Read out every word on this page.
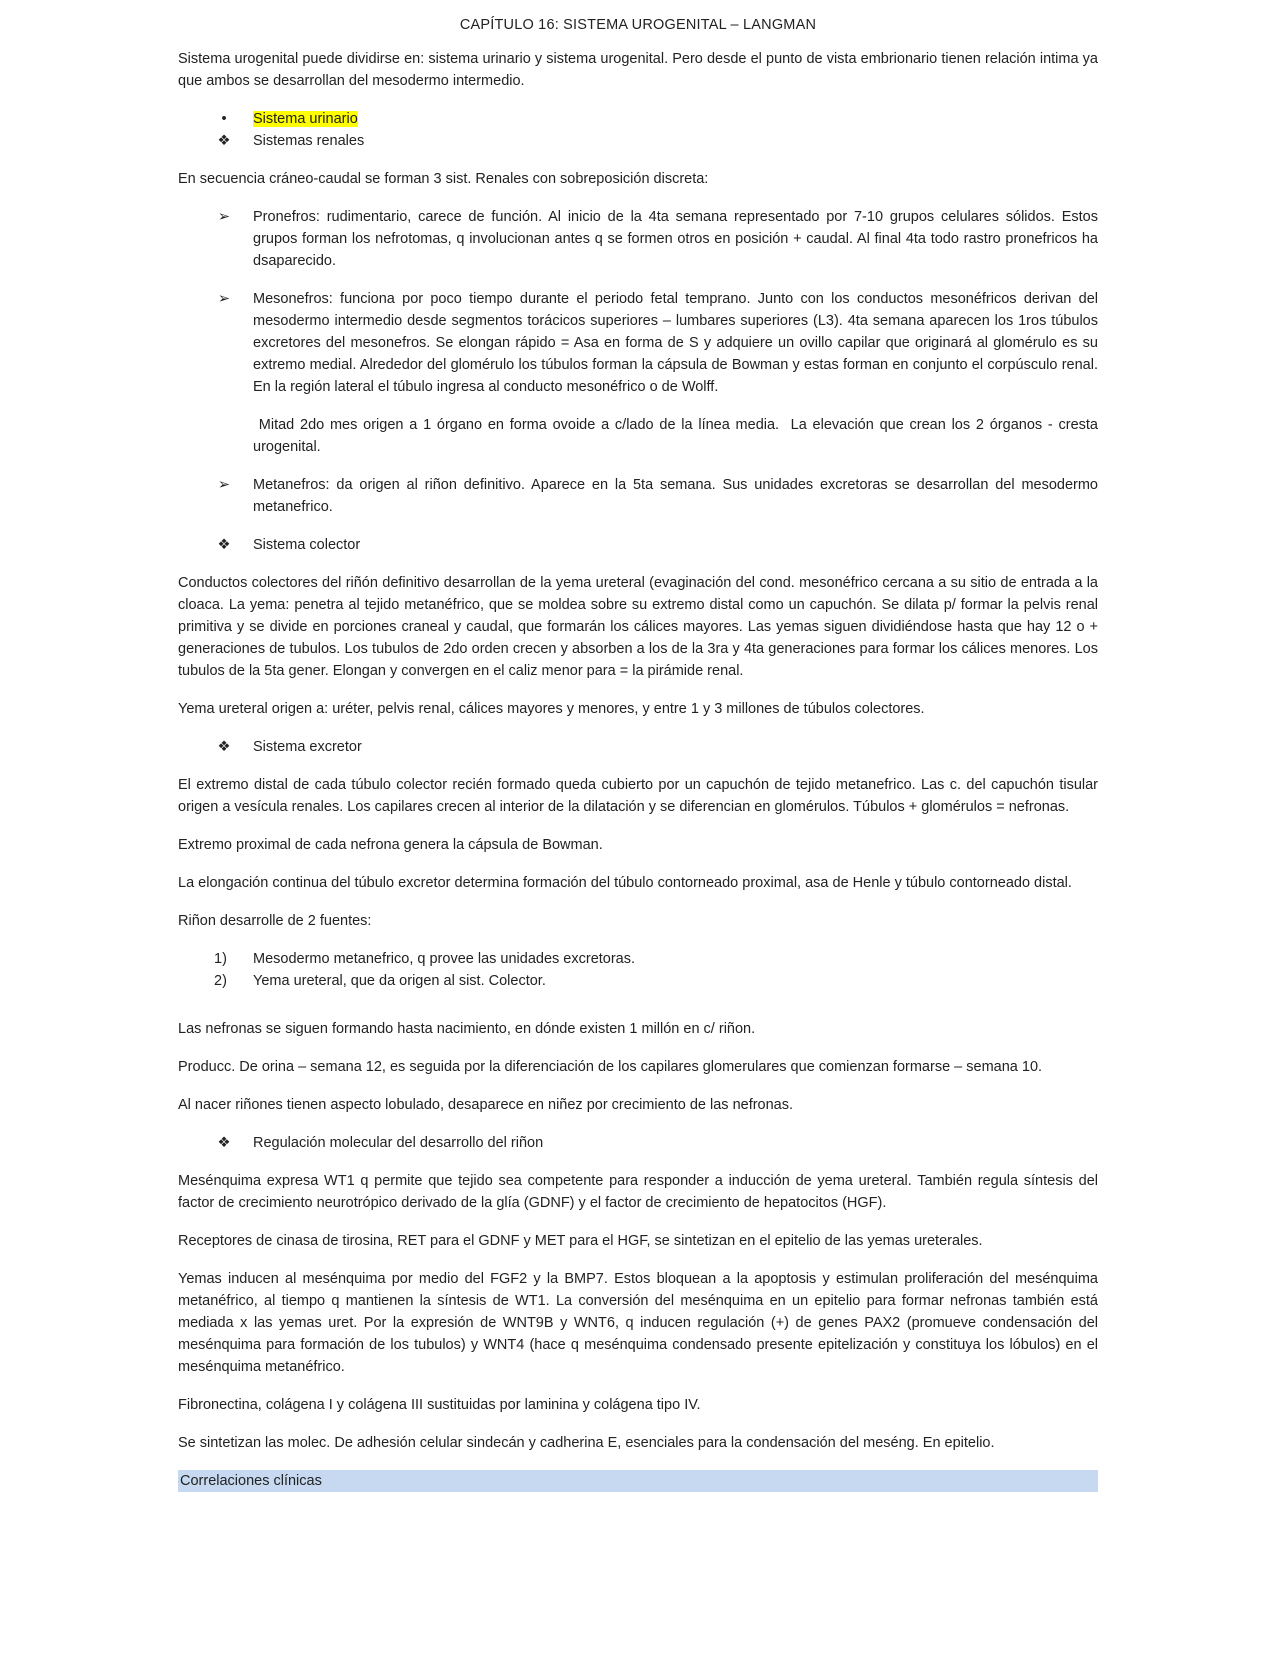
CAPÍTULO 16: SISTEMA UROGENITAL – LANGMAN

Sistema urogenital puede dividirse en: sistema urinario y sistema urogenital. Pero desde el punto de vista embrionario tienen relación intima ya que ambos se desarrollan del mesodermo intermedio.

•	Sistema urinario
❖ Sistemas renales

En secuencia cráneo-caudal se forman 3 sist. Renales con sobreposición discreta:

➢ Pronefros: rudimentario, carece de función. Al inicio de la 4ta semana representado por 7-10 grupos celulares sólidos. Estos grupos forman los nefrotomas, q involucionan antes q se formen otros en posición + caudal. Al final 4ta todo rastro pronefricos ha dsaparecido.
➢ Mesonefros: funciona por poco tiempo durante el periodo fetal temprano. Junto con los conductos mesonéfricos derivan del mesodermo intermedio desde segmentos torácicos superiores – lumbares superiores (L3). 4ta semana aparecen los 1ros túbulos excretores del mesonefros. Se elongan rápido = Asa en forma de S y adquiere un ovillo capilar que originará al glomérulo es su extremo medial. Alrededor del glomérulo los túbulos forman la cápsula de Bowman y estas forman en conjunto el corpúsculo renal. En la región lateral el túbulo ingresa al conducto mesonéfrico o de Wolff.
Mitad 2do mes origen a 1 órgano en forma ovoide a c/lado de la línea media.  La elevación que crean los 2 órganos - cresta urogenital.
➢ Metanefros: da origen al riñon definitivo. Aparece en la 5ta semana. Sus unidades excretoras se desarrollan del mesodermo metanefrico.
❖ Sistema colector

Conductos colectores del riñón definitivo desarrollan de la yema ureteral (evaginación del cond. mesonéfrico cercana a su sitio de entrada a la cloaca. La yema: penetra al tejido metanéfrico, que se moldea sobre su extremo distal como un capuchón. Se dilata p/ formar la pelvis renal primitiva y se divide en porciones craneal y caudal, que formarán los cálices mayores. Las yemas siguen dividiéndose hasta que hay 12 o + generaciones de tubulos. Los tubulos de 2do orden crecen y absorben a los de la 3ra y 4ta generaciones para formar los cálices menores. Los tubulos de la 5ta gener. Elongan y convergen en el caliz menor para = la pirámide renal.

Yema ureteral origen a: uréter, pelvis renal, cálices mayores y menores, y entre 1 y 3 millones de túbulos colectores.

❖ Sistema excretor

El extremo distal de cada túbulo colector recién formado queda cubierto por un capuchón de tejido metanefrico. Las c. del capuchón tisular origen a vesícula renales. Los capilares crecen al interior de la dilatación y se diferencian en glomérulos. Túbulos + glomérulos = nefronas.

Extremo proximal de cada nefrona genera la cápsula de Bowman.

La elongación continua del túbulo excretor determina formación del túbulo contorneado proximal, asa de Henle y túbulo contorneado distal.

Riñon desarrolle de 2 fuentes:

1)	Mesodermo metanefrico, q provee las unidades excretoras.
2)	Yema ureteral, que da origen al sist. Colector.

Las nefronas se siguen formando hasta nacimiento, en dónde existen 1 millón en c/ riñon.

Producc. De orina – semana 12, es seguida por la diferenciación de los capilares glomerulares que comienzan formarse – semana 10.

Al nacer riñones tienen aspecto lobulado, desaparece en niñez por crecimiento de las nefronas.

❖ Regulación molecular del desarrollo del riñon

Mesénquima expresa WT1 q permite que tejido sea competente para responder a inducción de yema ureteral. También regula síntesis del factor de crecimiento neurotrópico derivado de la glía (GDNF) y el factor de crecimiento de hepatocitos (HGF).

Receptores de cinasa de tirosina, RET para el GDNF y MET para el HGF, se sintetizan en el epitelio de las yemas ureterales.

Yemas inducen al mesénquima por medio del FGF2 y la BMP7. Estos bloquean a la apoptosis y estimulan proliferación del mesénquima metanéfrico, al tiempo q mantienen la síntesis de WT1. La conversión del mesénquima en un epitelio para formar nefronas también está mediada x las yemas uret. Por la expresión de WNT9B y WNT6, q inducen regulación (+) de genes PAX2 (promueve condensación del mesénquima para formación de los tubulos) y WNT4 (hace q mesénquima condensado presente epitelización y constituya los lóbulos) en el mesénquima metanéfrico.

Fibronectina, colágena I y colágena III sustituidas por laminina y colágena tipo IV.

Se sintetizan las molec. De adhesión celular sindecán y cadherina E, esenciales para la condensación del meséng. En epitelio.

Correlaciones clínicas
